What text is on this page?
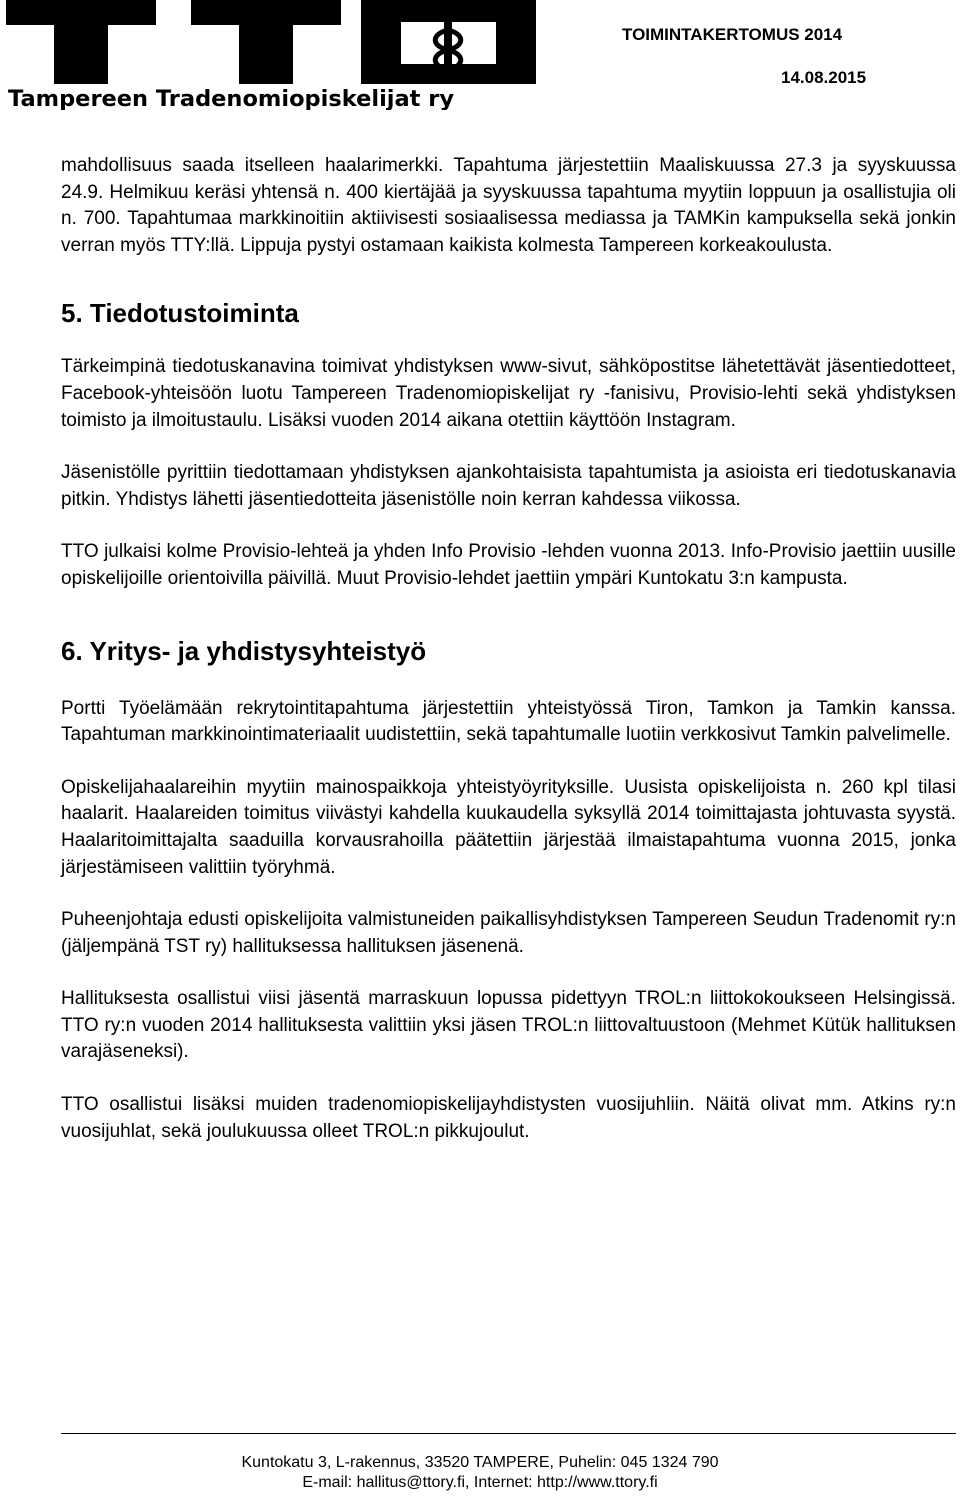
Tampereen Tradenomiopiskelijat ry
TOIMINTAKERTOMUS 2014
14.08.2015

mahdollisuus saada itselleen haalarimerkki. Tapahtuma järjestettiin Maaliskuussa 27.3 ja syyskuussa 24.9. Helmikuu keräsi yhtensä n. 400 kiertäjää ja syyskuussa tapahtuma myytiin loppuun ja osallistujia oli n. 700. Tapahtumaa markkinoitiin aktiivisesti sosiaalisessa mediassa ja TAMKin kampuksella sekä jonkin verran myös TTY:llä. Lippuja pystyi ostamaan kaikista kolmesta Tampereen korkeakoulusta.

5. Tiedotustoiminta

Tärkeimpinä tiedotuskanavina toimivat yhdistyksen www-sivut, sähköpostitse lähetettävät jäsentiedotteet, Facebook-yhteisöön luotu Tampereen Tradenomiopiskelijat ry -fanisivu, Provisio-lehti sekä yhdistyksen toimisto ja ilmoitustaulu. Lisäksi vuoden 2014 aikana otettiin käyttöön Instagram.

Jäsenistölle pyrittiin tiedottamaan yhdistyksen ajankohtaisista tapahtumista ja asioista eri tiedotuskanavia pitkin. Yhdistys lähetti jäsentiedotteita jäsenistölle noin kerran kahdessa viikossa.

TTO julkaisi kolme Provisio-lehteä ja yhden Info Provisio -lehden vuonna 2013. Info-Provisio jaettiin uusille opiskelijoille orientoivilla päivillä. Muut Provisio-lehdet jaettiin ympäri Kuntokatu 3:n kampusta.

6. Yritys- ja yhdistysyhteistyö

Portti Työelämään rekrytointitapahtuma järjestettiin yhteistyössä Tiron, Tamkon ja Tamkin kanssa. Tapahtuman markkinointimateriaalit uudistettiin, sekä tapahtumalle luotiin verkkosivut Tamkin palvelimelle.

Opiskelijahaalareihin myytiin mainospaikkoja yhteistyöyrityksille. Uusista opiskelijoista n. 260 kpl tilasi haalarit. Haalareiden toimitus viivästyi kahdella kuukaudella syksyllä 2014 toimittajasta johtuvasta syystä. Haalaritoimittajalta saaduilla korvausrahoilla päätettiin järjestää ilmaistapahtuma vuonna 2015, jonka järjestämiseen valittiin työryhmä.

Puheenjohtaja edusti opiskelijoita valmistuneiden paikallisyhdistyksen Tampereen Seudun Tradenomit ry:n (jäljempänä TST ry) hallituksessa hallituksen jäsenenä.

Hallituksesta osallistui viisi jäsentä marraskuun lopussa pidettyyn TROL:n liittokokoukseen Helsingissä. TTO ry:n vuoden 2014 hallituksesta valittiin yksi jäsen TROL:n liittovaltuustoon (Mehmet Kütük hallituksen varajäseneksi).

TTO osallistui lisäksi muiden tradenomiopiskelijayhdistysten vuosijuhliin. Näitä olivat mm. Atkins ry:n vuosijuhlat, sekä joulukuussa olleet TROL:n pikkujoulut.

Kuntokatu 3, L-rakennus, 33520 TAMPERE, Puhelin: 045 1324 790
E-mail: hallitus@ttory.fi, Internet: http://www.ttory.fi
